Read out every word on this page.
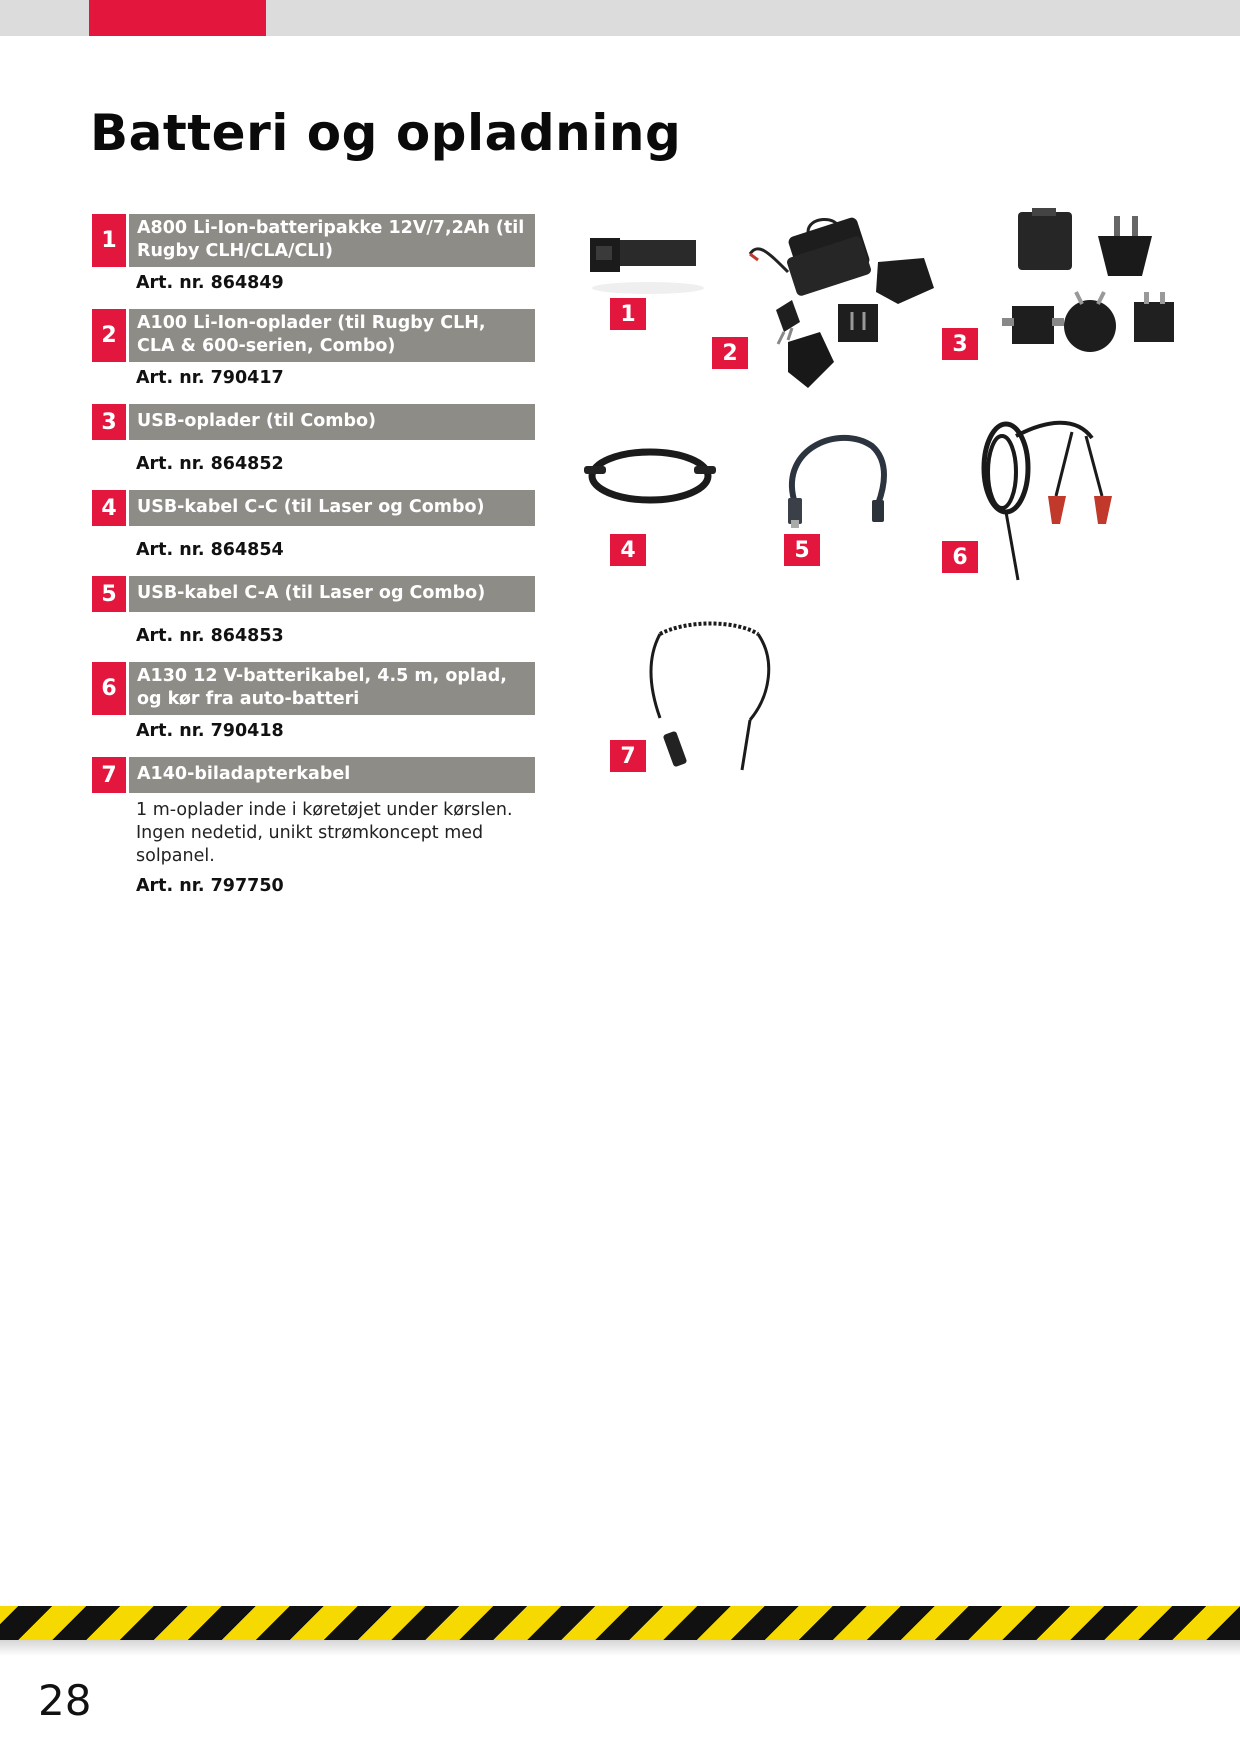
Batteri og opladning
1	A800 Li-Ion-batteripakke 12V/7,2Ah (til Rugby CLH/CLA/CLI)
Art. nr. 864849
2	A100 Li-Ion-oplader (til Rugby CLH, CLA & 600-serien, Combo)
Art. nr. 790417
3	USB-oplader (til Combo)
Art. nr. 864852
4	USB-kabel C-C (til Laser og Combo)
Art. nr. 864854
5	USB-kabel C-A (til Laser og Combo)
Art. nr. 864853
6	A130 12 V-batterikabel, 4.5 m, oplad, og kør fra auto-batteri
Art. nr. 790418
7	A140-biladapterkabel
1 m-oplader inde i køretøjet under kørslen. Ingen nedetid, unikt strømkoncept med solpanel.
Art. nr. 797750
1
2	3
4	5	6
7
28
